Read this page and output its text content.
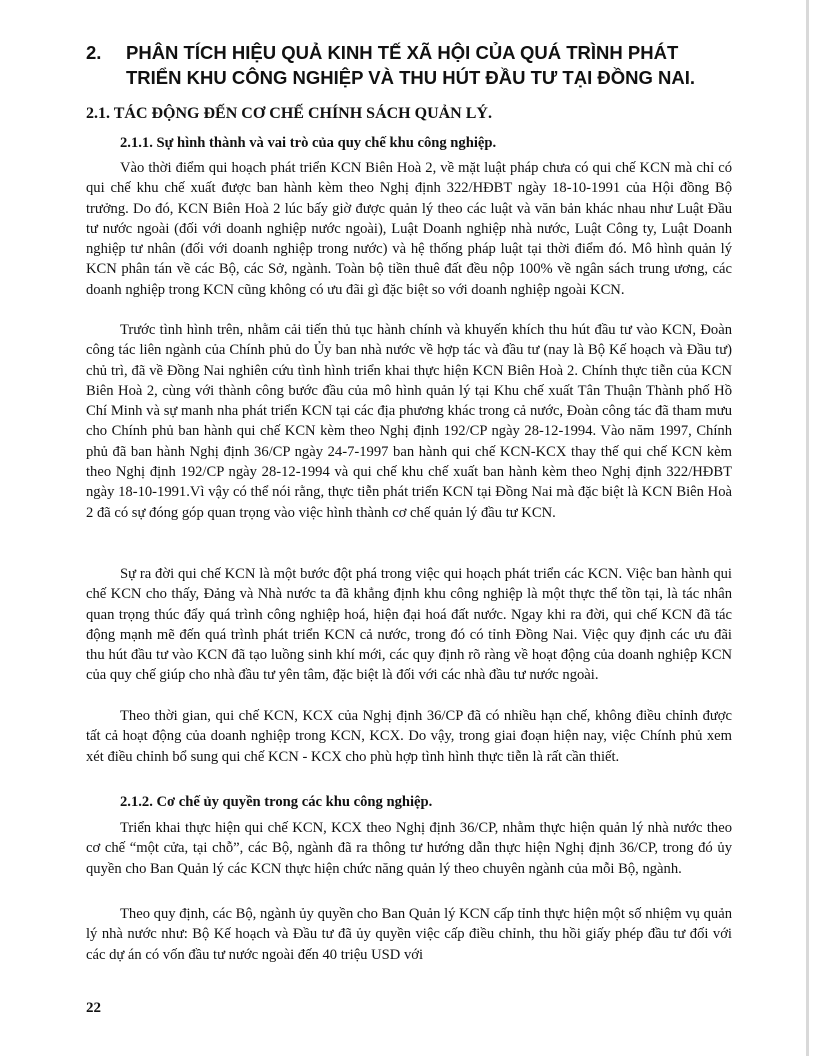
2. PHÂN TÍCH HIỆU QUẢ KINH TẾ XÃ HỘI CỦA QUÁ TRÌNH PHÁT TRIỂN KHU CÔNG NGHIỆP VÀ THU HÚT ĐẦU TƯ TẠI ĐỒNG NAI.
2.1. TÁC ĐỘNG ĐẾN CƠ CHẾ CHÍNH SÁCH QUẢN LÝ.
2.1.1. Sự hình thành và vai trò của quy chế khu công nghiệp.

Vào thời điểm qui hoạch phát triển KCN Biên Hoà 2, về mặt luật pháp chưa có qui chế KCN mà chỉ có qui chế khu chế xuất được ban hành kèm theo Nghị định 322/HĐBT ngày 18-10-1991 của Hội đồng Bộ trưởng. Do đó, KCN Biên Hoà 2 lúc bấy giờ được quản lý theo các luật và văn bản khác nhau như Luật Đầu tư nước ngoài (đối với doanh nghiệp nước ngoài), Luật Doanh nghiệp nhà nước, Luật Công ty, Luật Doanh nghiệp tư nhân (đối với doanh nghiệp trong nước) và hệ thống pháp luật tại thời điểm đó. Mô hình quản lý KCN phân tán về các Bộ, các Sở, ngành. Toàn bộ tiền thuê đất đều nộp 100% về ngân sách trung ương, các doanh nghiệp trong KCN cũng không có ưu đãi gì đặc biệt so với doanh nghiệp ngoài KCN.

Trước tình hình trên, nhằm cải tiến thủ tục hành chính và khuyến khích thu hút đầu tư vào KCN, Đoàn công tác liên ngành của Chính phủ do Ủy ban nhà nước về hợp tác và đầu tư (nay là Bộ Kế hoạch và Đầu tư) chủ trì, đã về Đồng Nai nghiên cứu tình hình triển khai thực hiện KCN Biên Hoà 2. Chính thực tiễn của KCN Biên Hoà 2, cùng với thành công bước đầu của mô hình quản lý tại Khu chế xuất Tân Thuận Thành phố Hồ Chí Minh và sự manh nha phát triển KCN tại các địa phương khác trong cả nước, Đoàn công tác đã tham mưu cho Chính phủ ban hành qui chế KCN kèm theo Nghị định 192/CP ngày 28-12-1994. Vào năm 1997, Chính phủ đã ban hành Nghị định 36/CP ngày 24-7-1997 ban hành qui chế KCN-KCX thay thế qui chế KCN kèm theo Nghị định 192/CP ngày 28-12-1994 và qui chế khu chế xuất ban hành kèm theo Nghị định 322/HĐBT ngày 18-10-1991.Vì vậy có thể nói rằng, thực tiễn phát triển KCN tại Đồng Nai mà đặc biệt là KCN Biên Hoà 2 đã có sự đóng góp quan trọng vào việc hình thành cơ chế quản lý đầu tư KCN.

Sự ra đời qui chế KCN là một bước đột phá trong việc qui hoạch phát triển các KCN. Việc ban hành qui chế KCN cho thấy, Đảng và Nhà nước ta đã khẳng định khu công nghiệp là một thực thể tồn tại, là tác nhân quan trọng thúc đẩy quá trình công nghiệp hoá, hiện đại hoá đất nước. Ngay khi ra đời, qui chế KCN đã tác động mạnh mẽ đến quá trình phát triển KCN cả nước, trong đó có tỉnh Đồng Nai. Việc quy định các ưu đãi thu hút đầu tư vào KCN đã tạo luồng sinh khí mới, các quy định rõ ràng về hoạt động của doanh nghiệp KCN của quy chế giúp cho nhà đầu tư yên tâm, đặc biệt là đối với các nhà đầu tư nước ngoài.

Theo thời gian, qui chế KCN, KCX của Nghị định 36/CP đã có nhiều hạn chế, không điều chỉnh được tất cả hoạt động của doanh nghiệp trong KCN, KCX. Do vậy, trong giai đoạn hiện nay, việc Chính phủ xem xét điều chỉnh bổ sung qui chế KCN - KCX cho phù hợp tình hình thực tiễn là rất cần thiết.

2.1.2. Cơ chế ủy quyền trong các khu công nghiệp.

Triển khai thực hiện qui chế KCN, KCX theo Nghị định 36/CP, nhằm thực hiện quản lý nhà nước theo cơ chế “một cửa, tại chỗ”, các Bộ, ngành đã ra thông tư hướng dẫn thực hiện Nghị định 36/CP, trong đó ủy quyền cho Ban Quản lý các KCN thực hiện chức năng quản lý theo chuyên ngành của mỗi Bộ, ngành.

Theo quy định, các Bộ, ngành ủy quyền cho Ban Quản lý KCN cấp tỉnh thực hiện một số nhiệm vụ quản lý nhà nước như: Bộ Kế hoạch và Đầu tư đã ủy quyền việc cấp điều chỉnh, thu hồi giấy phép đầu tư đối với các dự án có vốn đầu tư nước ngoài đến 40 triệu USD với

22
